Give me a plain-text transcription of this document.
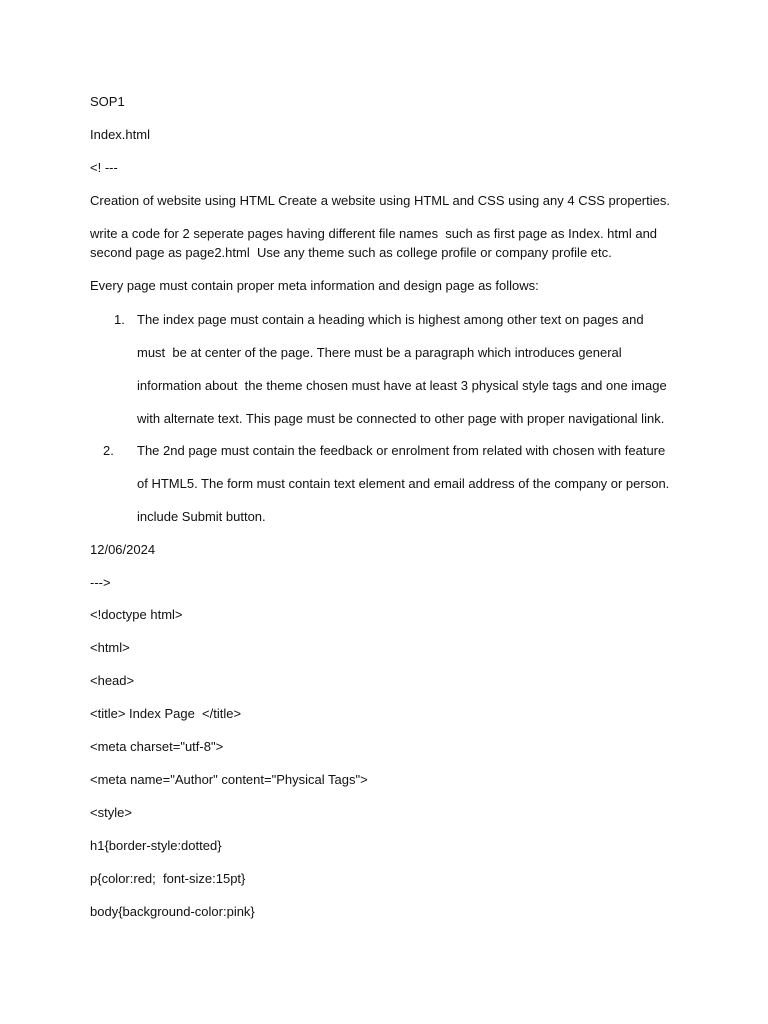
SOP1

Index.html

<! ---

Creation of website using HTML Create a website using HTML and CSS using any 4 CSS properties.

write a code for 2 seperate pages having different file names  such as first page as Index. html and

second page as page2.html  Use any theme such as college profile or company profile etc.

Every page must contain proper meta information and design page as follows:

1.

The index page must contain a heading which is highest among other text on pages and

must  be at center of the page. There must be a paragraph which introduces general

information about  the theme chosen must have at least 3 physical style tags and one image

with alternate text. This page must be connected to other page with proper navigational link.

2.

The 2nd page must contain the feedback or enrolment from related with chosen with feature

of HTML5. The form must contain text element and email address of the company or person.

include Submit button.

12/06/2024

--->

<!doctype html>

<html>

<head>

<title> Index Page  </title>

<meta charset="utf-8">

<meta name="Author" content="Physical Tags">

<style>

h1{border-style:dotted}

p{color:red;  font-size:15pt}

body{background-color:pink}
